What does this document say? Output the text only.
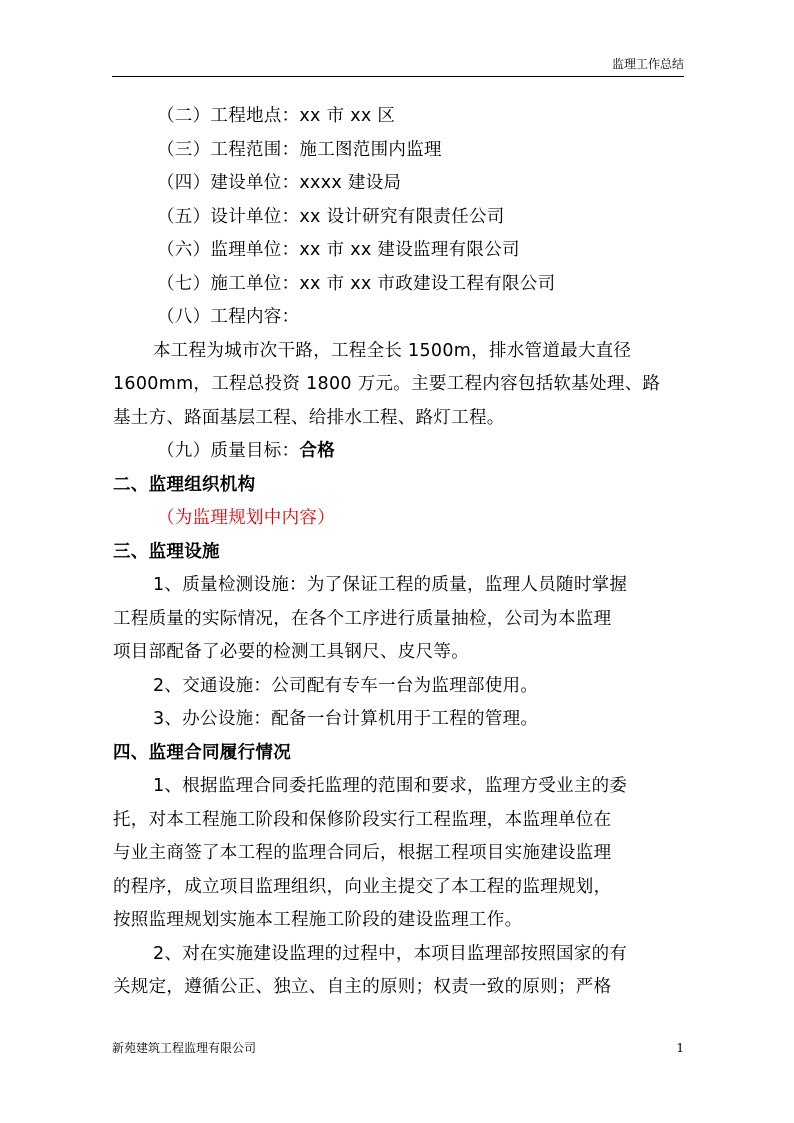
监理工作总结
（二）工程地点：xx 市 xx 区
（三）工程范围：施工图范围内监理
（四）建设单位：xxxx 建设局
（五）设计单位：xx 设计研究有限责任公司
（六）监理单位：xx 市 xx 建设监理有限公司
（七）施工单位：xx 市 xx 市政建设工程有限公司
（八）工程内容：
本工程为城市次干路，工程全长 1500m，排水管道最大直径
1600mm，工程总投资 1800 万元。主要工程内容包括软基处理、路
基土方、路面基层工程、给排水工程、路灯工程。
（九）质量目标：合格
二、监理组织机构
（为监理规划中内容）
三、监理设施
1、质量检测设施：为了保证工程的质量，监理人员随时掌握
工程质量的实际情况，在各个工序进行质量抽检，公司为本监理
项目部配备了必要的检测工具钢尺、皮尺等。
2、交通设施：公司配有专车一台为监理部使用。
3、办公设施：配备一台计算机用于工程的管理。
四、监理合同履行情况
1、根据监理合同委托监理的范围和要求，监理方受业主的委
托，对本工程施工阶段和保修阶段实行工程监理，本监理单位在
与业主商签了本工程的监理合同后，根据工程项目实施建设监理
的程序，成立项目监理组织，向业主提交了本工程的监理规划，
按照监理规划实施本工程施工阶段的建设监理工作。
2、对在实施建设监理的过程中，本项目监理部按照国家的有
关规定，遵循公正、独立、自主的原则；权责一致的原则；严格
新苑建筑工程监理有限公司	1
